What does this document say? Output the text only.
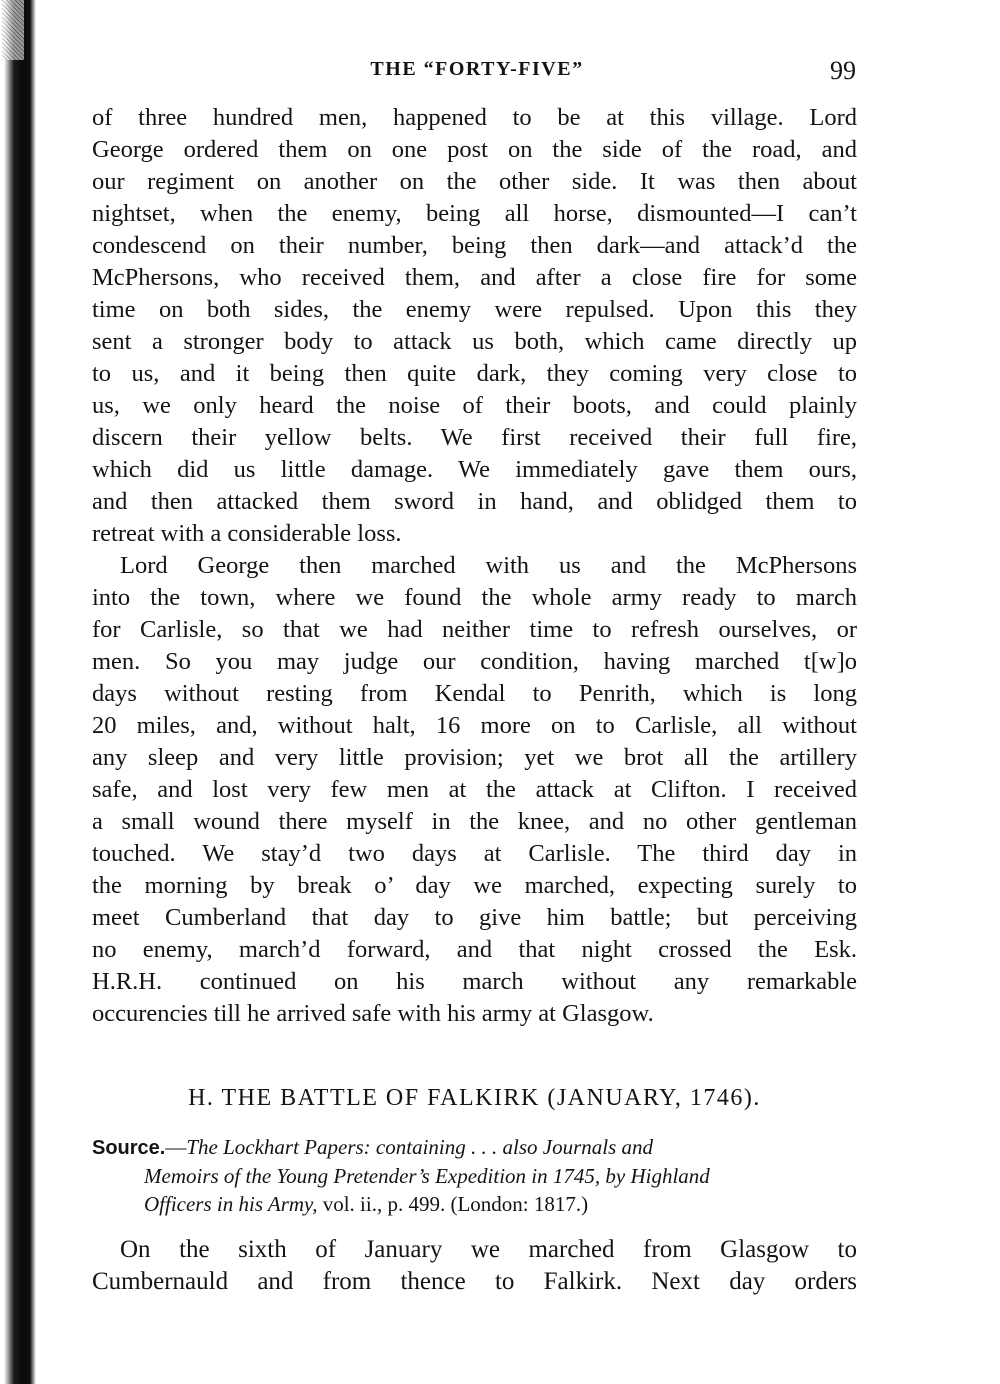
THE “FORTY-FIVE”	99
of three hundred men, happened to be at this village. Lord
George ordered them on one post on the side of the road, and
our regiment on another on the other side. It was then about
nightset, when the enemy, being all horse, dismounted—I can’t
condescend on their number, being then dark—and attack’d the
McPhersons, who received them, and after a close fire for some
time on both sides, the enemy were repulsed. Upon this they
sent a stronger body to attack us both, which came directly up
to us, and it being then quite dark, they coming very close to
us, we only heard the noise of their boots, and could plainly
discern their yellow belts. We first received their full fire,
which did us little damage. We immediately gave them ours,
and then attacked them sword in hand, and oblidged them to
retreat with a considerable loss.
Lord George then marched with us and the McPhersons
into the town, where we found the whole army ready to march
for Carlisle, so that we had neither time to refresh ourselves, or
men. So you may judge our condition, having marched t[w]o
days without resting from Kendal to Penrith, which is long
20 miles, and, without halt, 16 more on to Carlisle, all without
any sleep and very little provision; yet we brot all the artillery
safe, and lost very few men at the attack at Clifton. I received
a small wound there myself in the knee, and no other gentleman
touched. We stay’d two days at Carlisle. The third day in
the morning by break o’ day we marched, expecting surely to
meet Cumberland that day to give him battle; but perceiving
no enemy, march’d forward, and that night crossed the Esk.
H.R.H. continued on his march without any remarkable
occurencies till he arrived safe with his army at Glasgow.
H. THE BATTLE OF FALKIRK (JANUARY, 1746).
Source.—The Lockhart Papers: containing . . . also Journals and
Memoirs of the Young Pretender’s Expedition in 1745, by Highland
Officers in his Army, vol. ii., p. 499. (London: 1817.)
On the sixth of January we marched from Glasgow to
Cumbernauld and from thence to Falkirk. Next day orders
